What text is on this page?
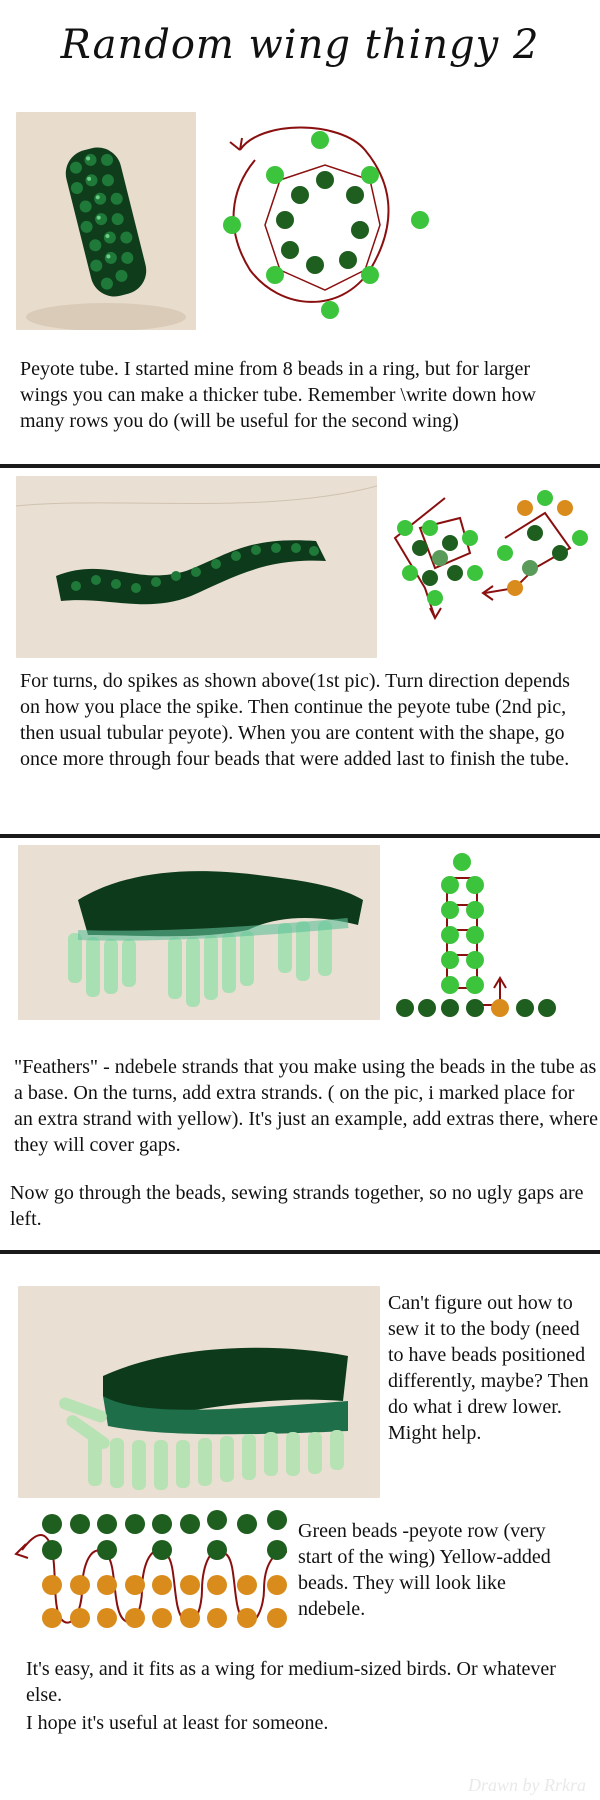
Random wing thingy 2
Peyote tube. I started mine from 8 beads in a ring, but for larger wings you can make a thicker tube. Remember \write down how many rows you do (will be useful for the second wing)
For turns, do spikes as shown above(1st pic). Turn direction depends on how you place the spike. Then continue the peyote tube (2nd pic, then usual tubular peyote). When you are content with the shape, go once more through four beads that were added last to finish the tube.
"Feathers" - ndebele strands that you make using the beads in the tube as a base. On the turns, add extra strands. ( on the pic, i marked place for an extra strand with yellow). It's just an example, add extras there, where they will cover gaps.
Now go through the beads, sewing strands together, so no ugly gaps are left.
Can't figure out how to sew it to the body (need to have beads positioned differently, maybe? Then do what i drew lower. Might help.
Green beads -peyote row (very start of the wing) Yellow-added beads. They will look like ndebele.
It's easy, and it fits as a wing for medium-sized birds. Or whatever else.
I hope it's useful at least for someone.
Drawn by Rrkra
